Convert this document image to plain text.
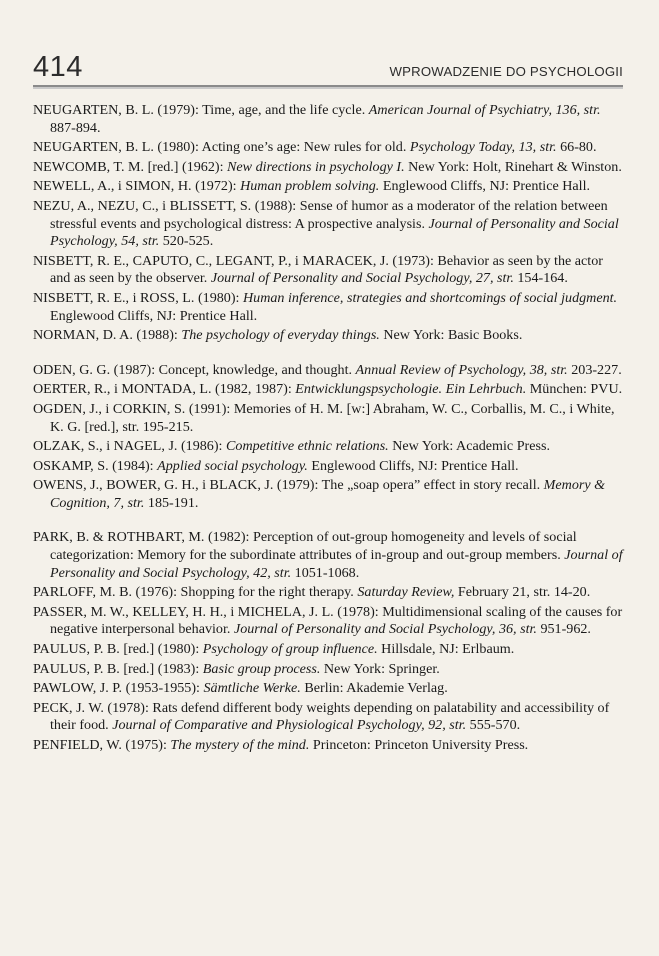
414	WPROWADZENIE DO PSYCHOLOGII

NEUGARTEN, B. L. (1979): Time, age, and the life cycle. American Journal of Psychiatry, 136, str. 887-894.

NEUGARTEN, B. L. (1980): Acting one’s age: New rules for old. Psychology Today, 13, str. 66-80.

NEWCOMB, T. M. [red.] (1962): New directions in psychology I. New York: Holt, Rinehart & Winston.

NEWELL, A., i SIMON, H. (1972): Human problem solving. Englewood Cliffs, NJ: Prentice Hall.

NEZU, A., NEZU, C., i BLISSETT, S. (1988): Sense of humor as a moderator of the relation between stressful events and psychological distress: A prospective analysis. Journal of Personality and Social Psychology, 54, str. 520-525.

NISBETT, R. E., CAPUTO, C., LEGANT, P., i MARACEK, J. (1973): Behavior as seen by the actor and as seen by the observer. Journal of Personality and Social Psychology, 27, str. 154-164.

NISBETT, R. E., i ROSS, L. (1980): Human inference, strategies and shortcomings of social judgment. Englewood Cliffs, NJ: Prentice Hall.

NORMAN, D. A. (1988): The psychology of everyday things. New York: Basic Books.

ODEN, G. G. (1987): Concept, knowledge, and thought. Annual Review of Psychology, 38, str. 203-227.

OERTER, R., i MONTADA, L. (1982, 1987): Entwicklungspsychologie. Ein Lehrbuch. München: PVU.

OGDEN, J., i CORKIN, S. (1991): Memories of H. M. [w:] Abraham, W. C., Corballis, M. C., i White, K. G. [red.], str. 195-215.

OLZAK, S., i NAGEL, J. (1986): Competitive ethnic relations. New York: Academic Press.

OSKAMP, S. (1984): Applied social psychology. Englewood Cliffs, NJ: Prentice Hall.

OWENS, J., BOWER, G. H., i BLACK, J. (1979): The „soap opera” effect in story recall. Memory & Cognition, 7, str. 185-191.

PARK, B. & ROTHBART, M. (1982): Perception of out-group homogeneity and levels of social categorization: Memory for the subordinate attributes of in-group and out-group members. Journal of Personality and Social Psychology, 42, str. 1051-1068.

PARLOFF, M. B. (1976): Shopping for the right therapy. Saturday Review, February 21, str. 14-20.

PASSER, M. W., KELLEY, H. H., i MICHELA, J. L. (1978): Multidimensional scaling of the causes for negative interpersonal behavior. Journal of Personality and Social Psychology, 36, str. 951-962.

PAULUS, P. B. [red.] (1980): Psychology of group influence. Hillsdale, NJ: Erlbaum.

PAULUS, P. B. [red.] (1983): Basic group process. New York: Springer.

PAWLOW, J. P. (1953-1955): Sämtliche Werke. Berlin: Akademie Verlag.

PECK, J. W. (1978): Rats defend different body weights depending on palatability and accessibility of their food. Journal of Comparative and Physiological Psychology, 92, str. 555-570.

PENFIELD, W. (1975): The mystery of the mind. Princeton: Princeton University Press.
